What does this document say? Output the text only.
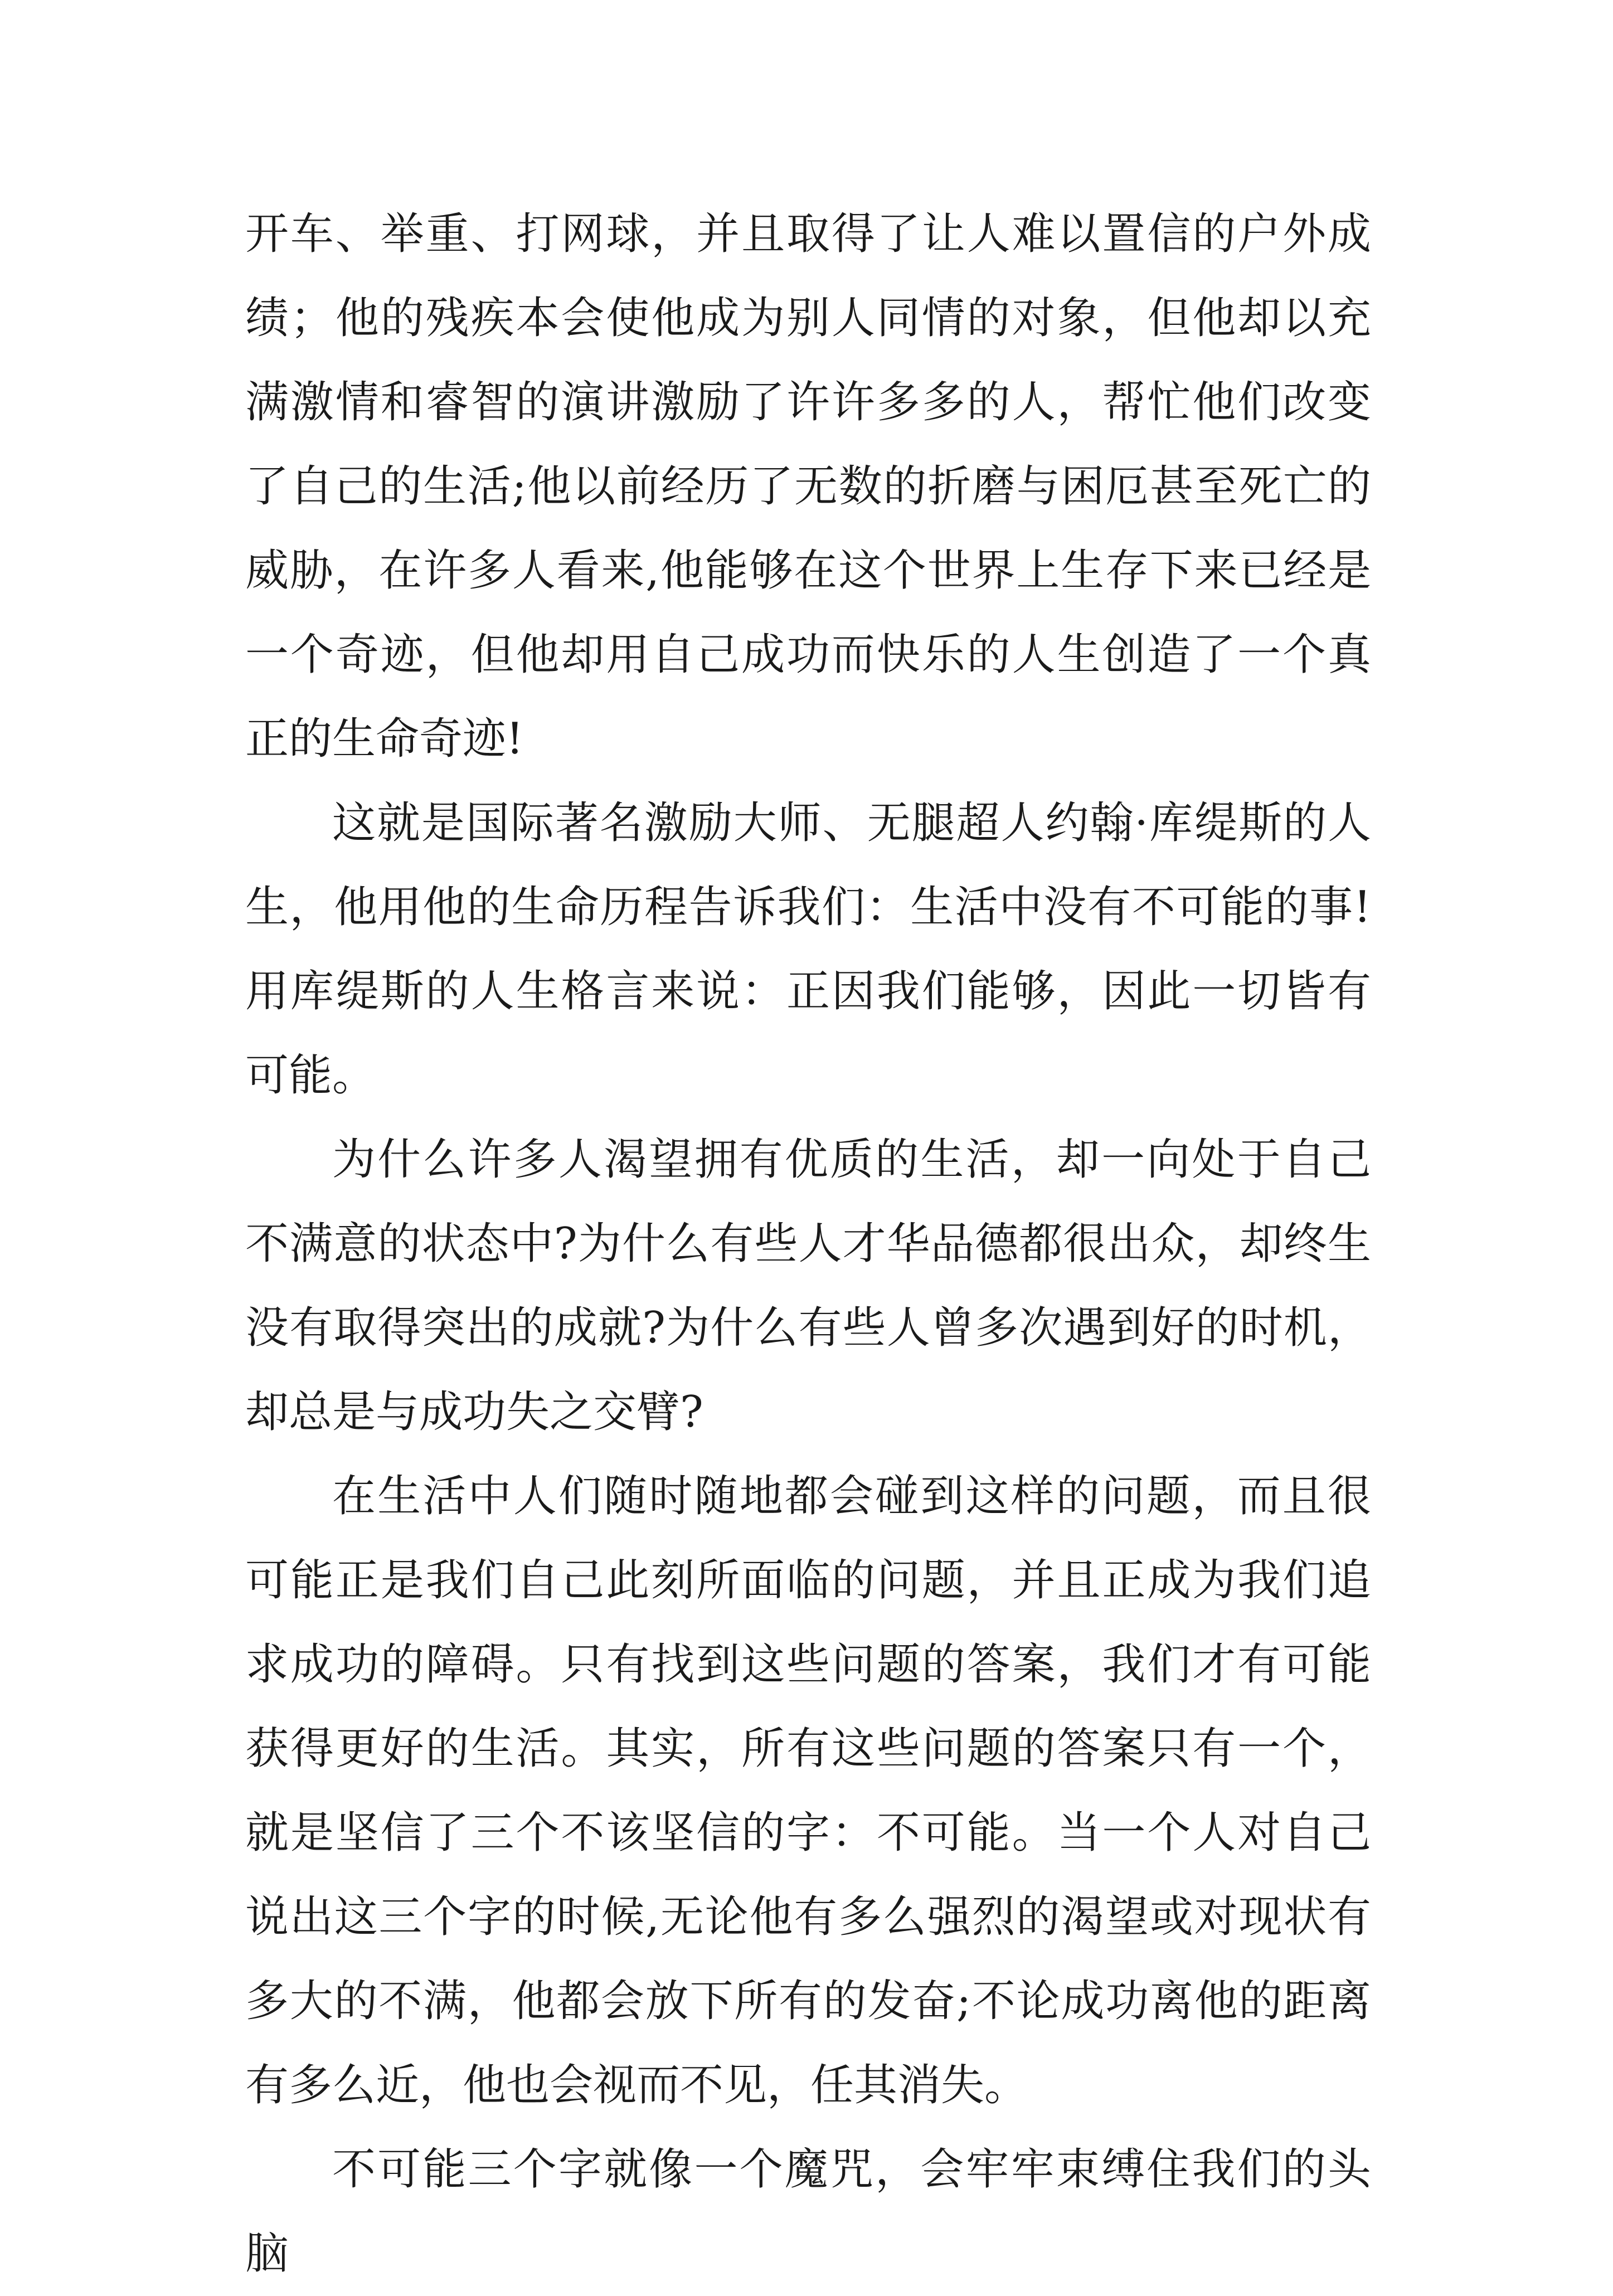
开车、举重、打网球，并且取得了让人难以置信的户外成绩；他的残疾本会使他成为别人同情的对象，但他却以充满激情和睿智的演讲激励了许许多多的人，帮忙他们改变了自己的生活;他以前经历了无数的折磨与困厄甚至死亡的威胁，在许多人看来,他能够在这个世界上生存下来已经是一个奇迹，但他却用自己成功而快乐的人生创造了一个真正的生命奇迹!

这就是国际著名激励大师、无腿超人约翰·库缇斯的人生，他用他的生命历程告诉我们：生活中没有不可能的事!用库缇斯的人生格言来说：正因我们能够，因此一切皆有可能。

为什么许多人渴望拥有优质的生活，却一向处于自己不满意的状态中?为什么有些人才华品德都很出众，却终生没有取得突出的成就?为什么有些人曾多次遇到好的时机，却总是与成功失之交臂?

在生活中人们随时随地都会碰到这样的问题，而且很可能正是我们自己此刻所面临的问题，并且正成为我们追求成功的障碍。只有找到这些问题的答案，我们才有可能获得更好的生活。其实，所有这些问题的答案只有一个，就是坚信了三个不该坚信的字：不可能。当一个人对自己说出这三个字的时候,无论他有多么强烈的渴望或对现状有多大的不满，他都会放下所有的发奋;不论成功离他的距离有多么近，他也会视而不见，任其消失。

不可能三个字就像一个魔咒，会牢牢束缚住我们的头脑
